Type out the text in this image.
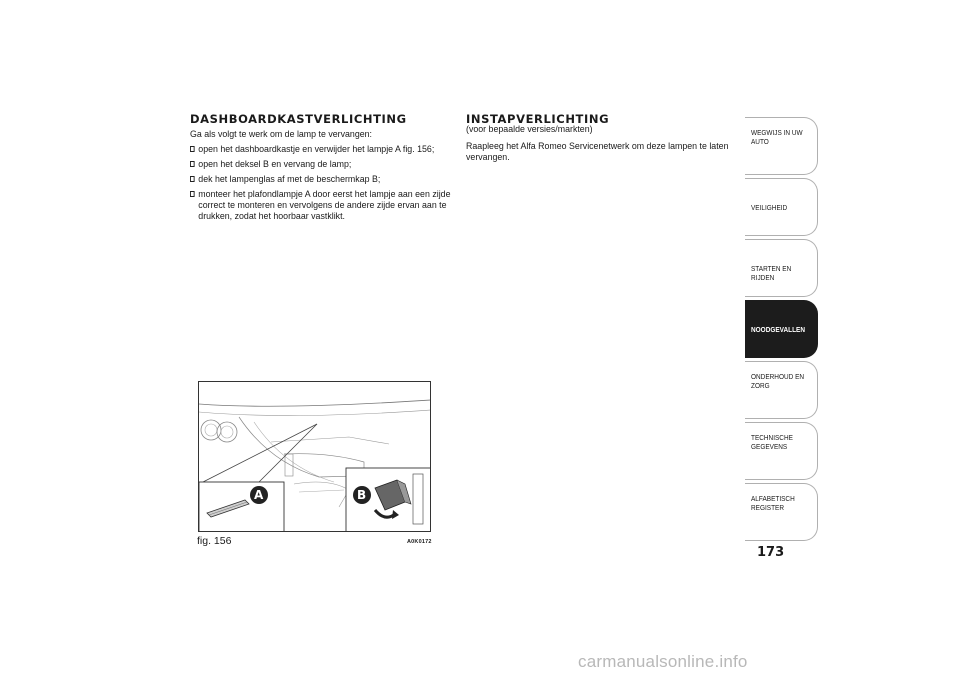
DASHBOARDKASTVERLICHTING

Ga als volgt te werk om de lamp te vervangen:

open het dashboardkastje en verwijder het lampje A fig. 156;
open het deksel B en vervang de lamp;
dek het lampenglas af met de beschermkap B;
monteer het plafondlampje A door eerst het lampje aan een zijde correct te monteren en vervolgens de andere zijde ervan aan te drukken, zodat het hoorbaar vastklikt.
INSTAPVERLICHTING

(voor bepaalde versies/markten)

Raapleeg het Alfa Romeo Servicenetwerk om deze lampen te laten vervangen.

A	B
fig. 156	A0K0172
WEGWIJS IN UW AUTO
VEILIGHEID
STARTEN EN RIJDEN
NOODGEVALLEN
ONDERHOUD EN ZORG
TECHNISCHE GEGEVENS
ALFABETISCH REGISTER
173
carmanualsonline.info
